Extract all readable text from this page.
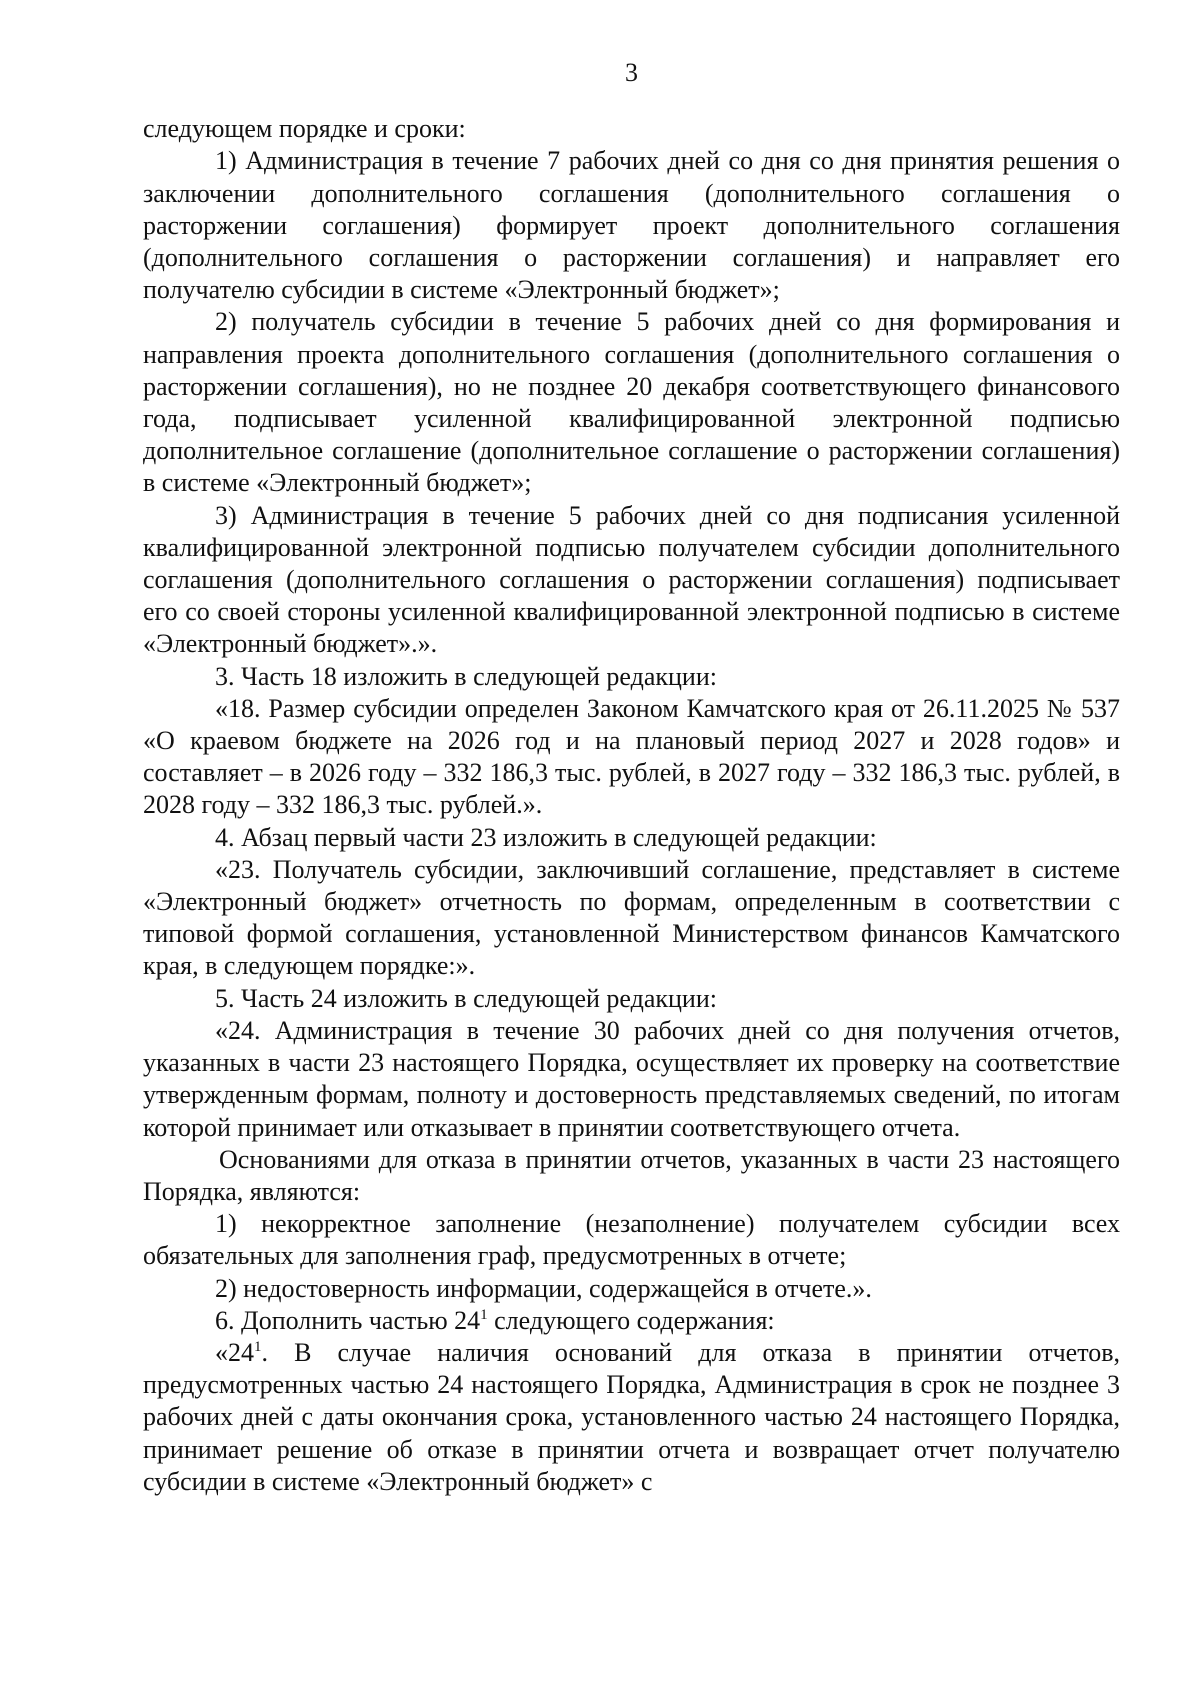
3

следующем порядке и сроки:

1) Администрация в течение 7 рабочих дней со дня со дня принятия решения о заключении дополнительного соглашения (дополнительного соглашения о расторжении соглашения) формирует проект дополнительного соглашения (дополнительного соглашения о расторжении соглашения) и направляет его получателю субсидии в системе «Электронный бюджет»;

2) получатель субсидии в течение 5 рабочих дней со дня формирования и направления проекта дополнительного соглашения (дополнительного соглашения о расторжении соглашения), но не позднее 20 декабря соответствующего финансового года, подписывает усиленной квалифицированной электронной подписью дополнительное соглашение (дополнительное соглашение о расторжении соглашения) в системе «Электронный бюджет»;

3) Администрация в течение 5 рабочих дней со дня подписания усиленной квалифицированной электронной подписью получателем субсидии дополнительного соглашения (дополнительного соглашения о расторжении соглашения) подписывает его со своей стороны усиленной квалифицированной электронной подписью в системе «Электронный бюджет».».

3. Часть 18 изложить в следующей редакции:

«18. Размер субсидии определен Законом Камчатского края от 26.11.2025 № 537 «О краевом бюджете на 2026 год и на плановый период 2027 и 2028 годов» и составляет – в 2026 году – 332 186,3 тыс. рублей, в 2027 году – 332 186,3 тыс. рублей, в 2028 году – 332 186,3 тыс. рублей.».

4. Абзац первый части 23 изложить в следующей редакции:

«23. Получатель субсидии, заключивший соглашение, представляет в системе «Электронный бюджет» отчетность по формам, определенным в соответствии с типовой формой соглашения, установленной Министерством финансов Камчатского края, в следующем порядке:».

5. Часть 24 изложить в следующей редакции:

«24. Администрация в течение 30 рабочих дней со дня получения отчетов, указанных в части 23 настоящего Порядка, осуществляет их проверку на соответствие утвержденным формам, полноту и достоверность представляемых сведений, по итогам которой принимает или отказывает в принятии соответствующего отчета.

Основаниями для отказа в принятии отчетов, указанных в части 23 настоящего Порядка, являются:

1) некорректное заполнение (незаполнение) получателем субсидии всех обязательных для заполнения граф, предусмотренных в отчете;

2) недостоверность информации, содержащейся в отчете.».

6. Дополнить частью $24^1$ следующего содержания:

«$24^1$. В случае наличия оснований для отказа в принятии отчетов, предусмотренных частью 24 настоящего Порядка, Администрация в срок не позднее 3 рабочих дней с даты окончания срока, установленного частью 24 настоящего Порядка, принимает решение об отказе в принятии отчета и возвращает отчет получателю субсидии в системе «Электронный бюджет» с
